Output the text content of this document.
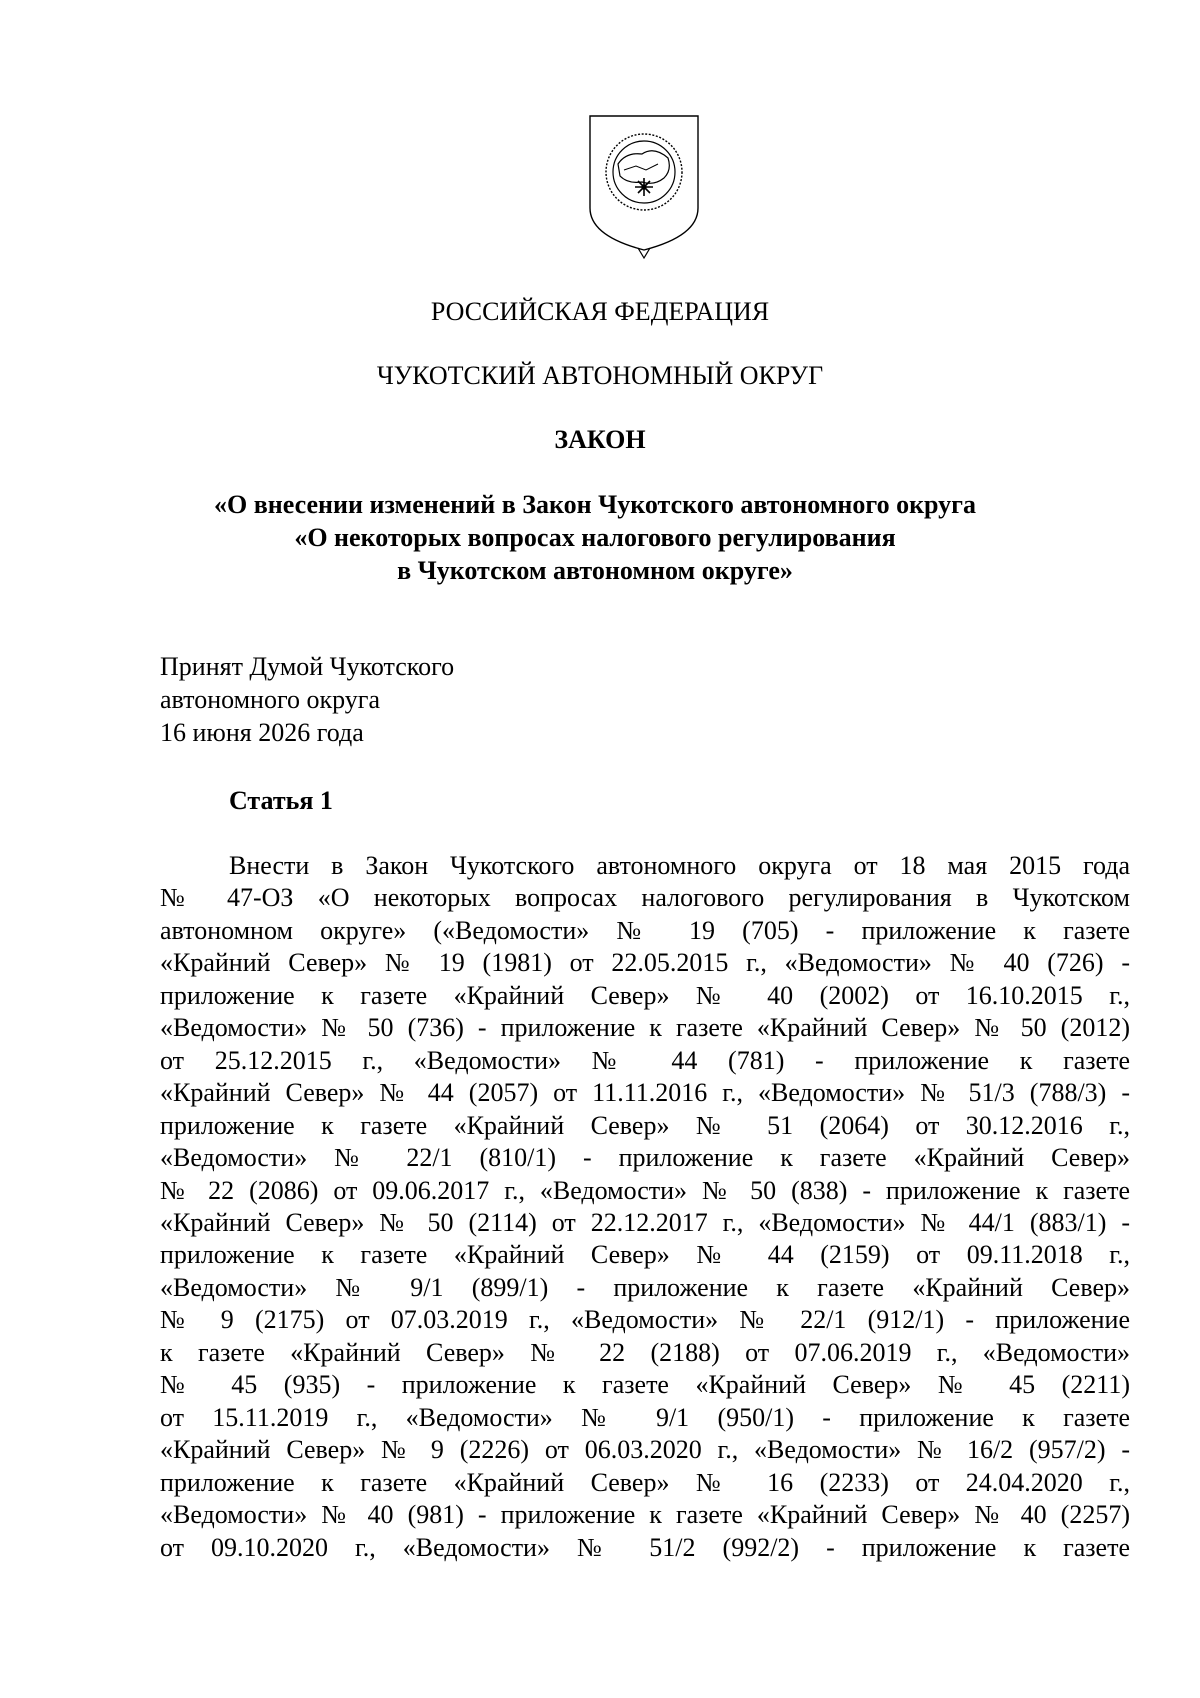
РОССИЙСКАЯ ФЕДЕРАЦИЯ

ЧУКОТСКИЙ АВТОНОМНЫЙ ОКРУГ

ЗАКОН

«О внесении изменений в Закон Чукотского автономного округа
«О некоторых вопросах налогового регулирования
в Чукотском автономном округе»
Принят Думой Чукотского
автономного округа
16 июня 2026 года

Статья 1

Внести в Закон Чукотского автономного округа от 18 мая 2015 года
№ 47-ОЗ «О некоторых вопросах налогового регулирования в Чукотском
автономном округе» («Ведомости» № 19 (705) - приложение к газете
«Крайний Север» № 19 (1981) от 22.05.2015 г., «Ведомости» № 40 (726) -
приложение к газете «Крайний Север» № 40 (2002) от 16.10.2015 г.,
«Ведомости» № 50 (736) - приложение к газете «Крайний Север» № 50 (2012)
от 25.12.2015 г., «Ведомости» № 44 (781) - приложение к газете
«Крайний Север» № 44 (2057) от 11.11.2016 г., «Ведомости» № 51/3 (788/3) -
приложение к газете «Крайний Север» № 51 (2064) от 30.12.2016 г.,
«Ведомости» № 22/1 (810/1) - приложение к газете «Крайний Север»
№ 22 (2086) от 09.06.2017 г., «Ведомости» № 50 (838) - приложение к газете
«Крайний Север» № 50 (2114) от 22.12.2017 г., «Ведомости» № 44/1 (883/1) -
приложение к газете «Крайний Север» № 44 (2159) от 09.11.2018 г.,
«Ведомости» № 9/1 (899/1) - приложение к газете «Крайний Север»
№ 9 (2175) от 07.03.2019 г., «Ведомости» № 22/1 (912/1) - приложение
к газете «Крайний Север» № 22 (2188) от 07.06.2019 г., «Ведомости»
№ 45 (935) - приложение к газете «Крайний Север» № 45 (2211)
от 15.11.2019 г., «Ведомости» № 9/1 (950/1) - приложение к газете
«Крайний Север» № 9 (2226) от 06.03.2020 г., «Ведомости» № 16/2 (957/2) -
приложение к газете «Крайний Север» № 16 (2233) от 24.04.2020 г.,
«Ведомости» № 40 (981) - приложение к газете «Крайний Север» № 40 (2257)
от 09.10.2020 г., «Ведомости» № 51/2 (992/2) - приложение к газете
